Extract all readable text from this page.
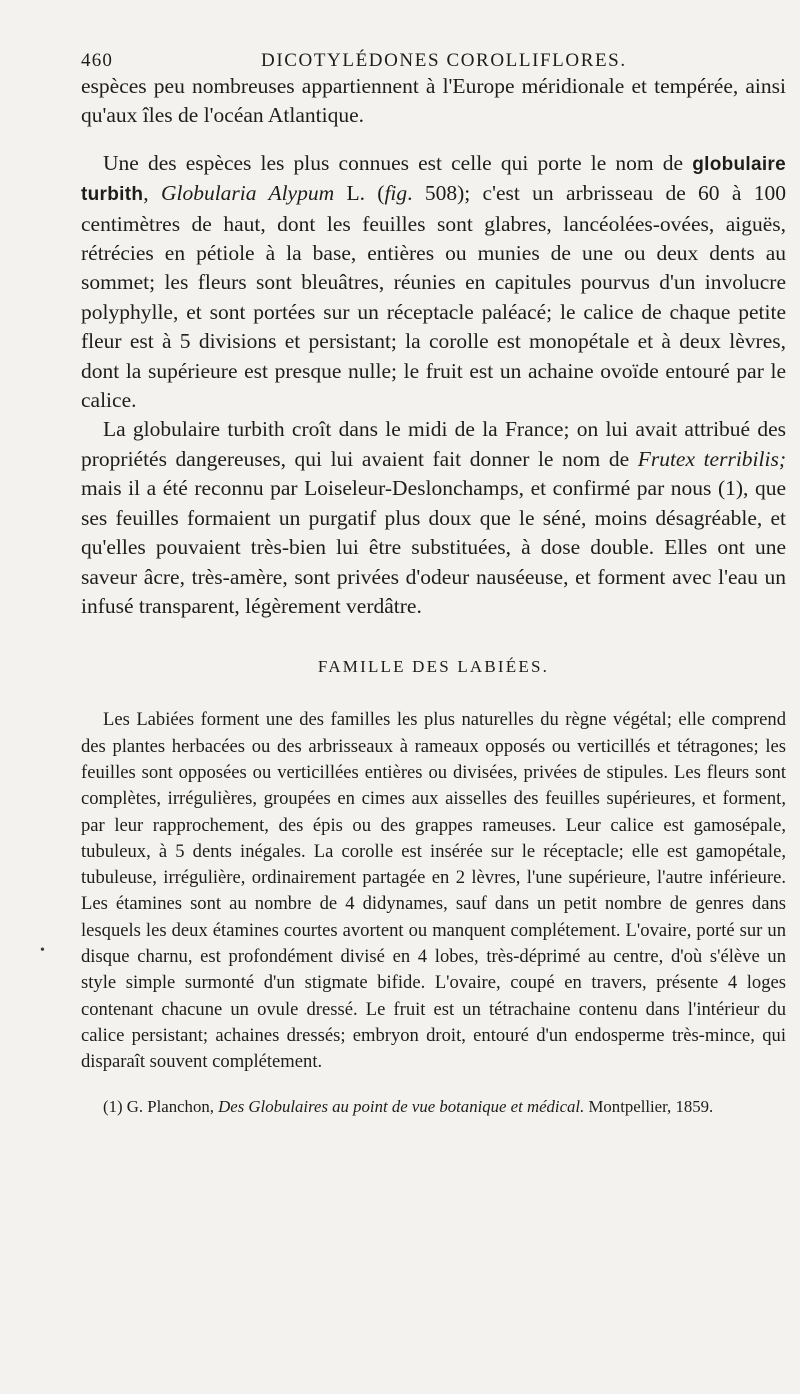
460	DICOTYLÉDONES COROLLIFLORES.

espèces peu nombreuses appartiennent à l'Europe méridionale et tempérée, ainsi qu'aux îles de l'océan Atlantique.

Une des espèces les plus connues est celle qui porte le nom de globulaire turbith, Globularia Alypum L. (fig. 508); c'est un arbrisseau de 60 à 100 centimètres de haut, dont les feuilles sont glabres, lancéolées-ovées, aiguës, rétrécies en pétiole à la base, entières ou munies de une ou deux dents au sommet; les fleurs sont bleuâtres, réunies en capitules pourvus d'un involucre polyphylle, et sont portées sur un réceptacle paléacé; le calice de chaque petite fleur est à 5 divisions et persistant; la corolle est monopétale et à deux lèvres, dont la supérieure est presque nulle; le fruit est un achaine ovoïde entouré par le calice.

La globulaire turbith croît dans le midi de la France; on lui avait attribué des propriétés dangereuses, qui lui avaient fait donner le nom de Frutex terribilis; mais il a été reconnu par Loiseleur-Deslonchamps, et confirmé par nous (1), que ses feuilles formaient un purgatif plus doux que le séné, moins désagréable, et qu'elles pouvaient très-bien lui être substituées, à dose double. Elles ont une saveur âcre, très-amère, sont privées d'odeur nauséeuse, et forment avec l'eau un infusé transparent, légèrement verdâtre.

FAMILLE DES LABIÉES.

Les Labiées forment une des familles les plus naturelles du règne végétal; elle comprend des plantes herbacées ou des arbrisseaux à rameaux opposés ou verticillés et tétragones; les feuilles sont opposées ou verticillées entières ou divisées, privées de stipules. Les fleurs sont complètes, irrégulières, groupées en cimes aux aisselles des feuilles supérieures, et forment, par leur rapprochement, des épis ou des grappes rameuses. Leur calice est gamosépale, tubuleux, à 5 dents inégales. La corolle est insérée sur le réceptacle; elle est gamopétale, tubuleuse, irrégulière, ordinairement partagée en 2 lèvres, l'une supérieure, l'autre inférieure. Les étamines sont au nombre de 4 didynames, sauf dans un petit nombre de genres dans lesquels les deux étamines courtes avortent ou manquent complétement. L'ovaire, porté sur un disque charnu, est profondément divisé en 4 lobes, très-déprimé au centre, d'où s'élève un style simple surmonté d'un stigmate bifide. L'ovaire, coupé en travers, présente 4 loges contenant chacune un ovule dressé. Le fruit est un tétrachaine contenu dans l'intérieur du calice persistant; achaines dressés; embryon droit, entouré d'un endosperme très-mince, qui disparaît souvent complétement.

(1) G. Planchon, Des Globulaires au point de vue botanique et médical. Montpellier, 1859.

•
